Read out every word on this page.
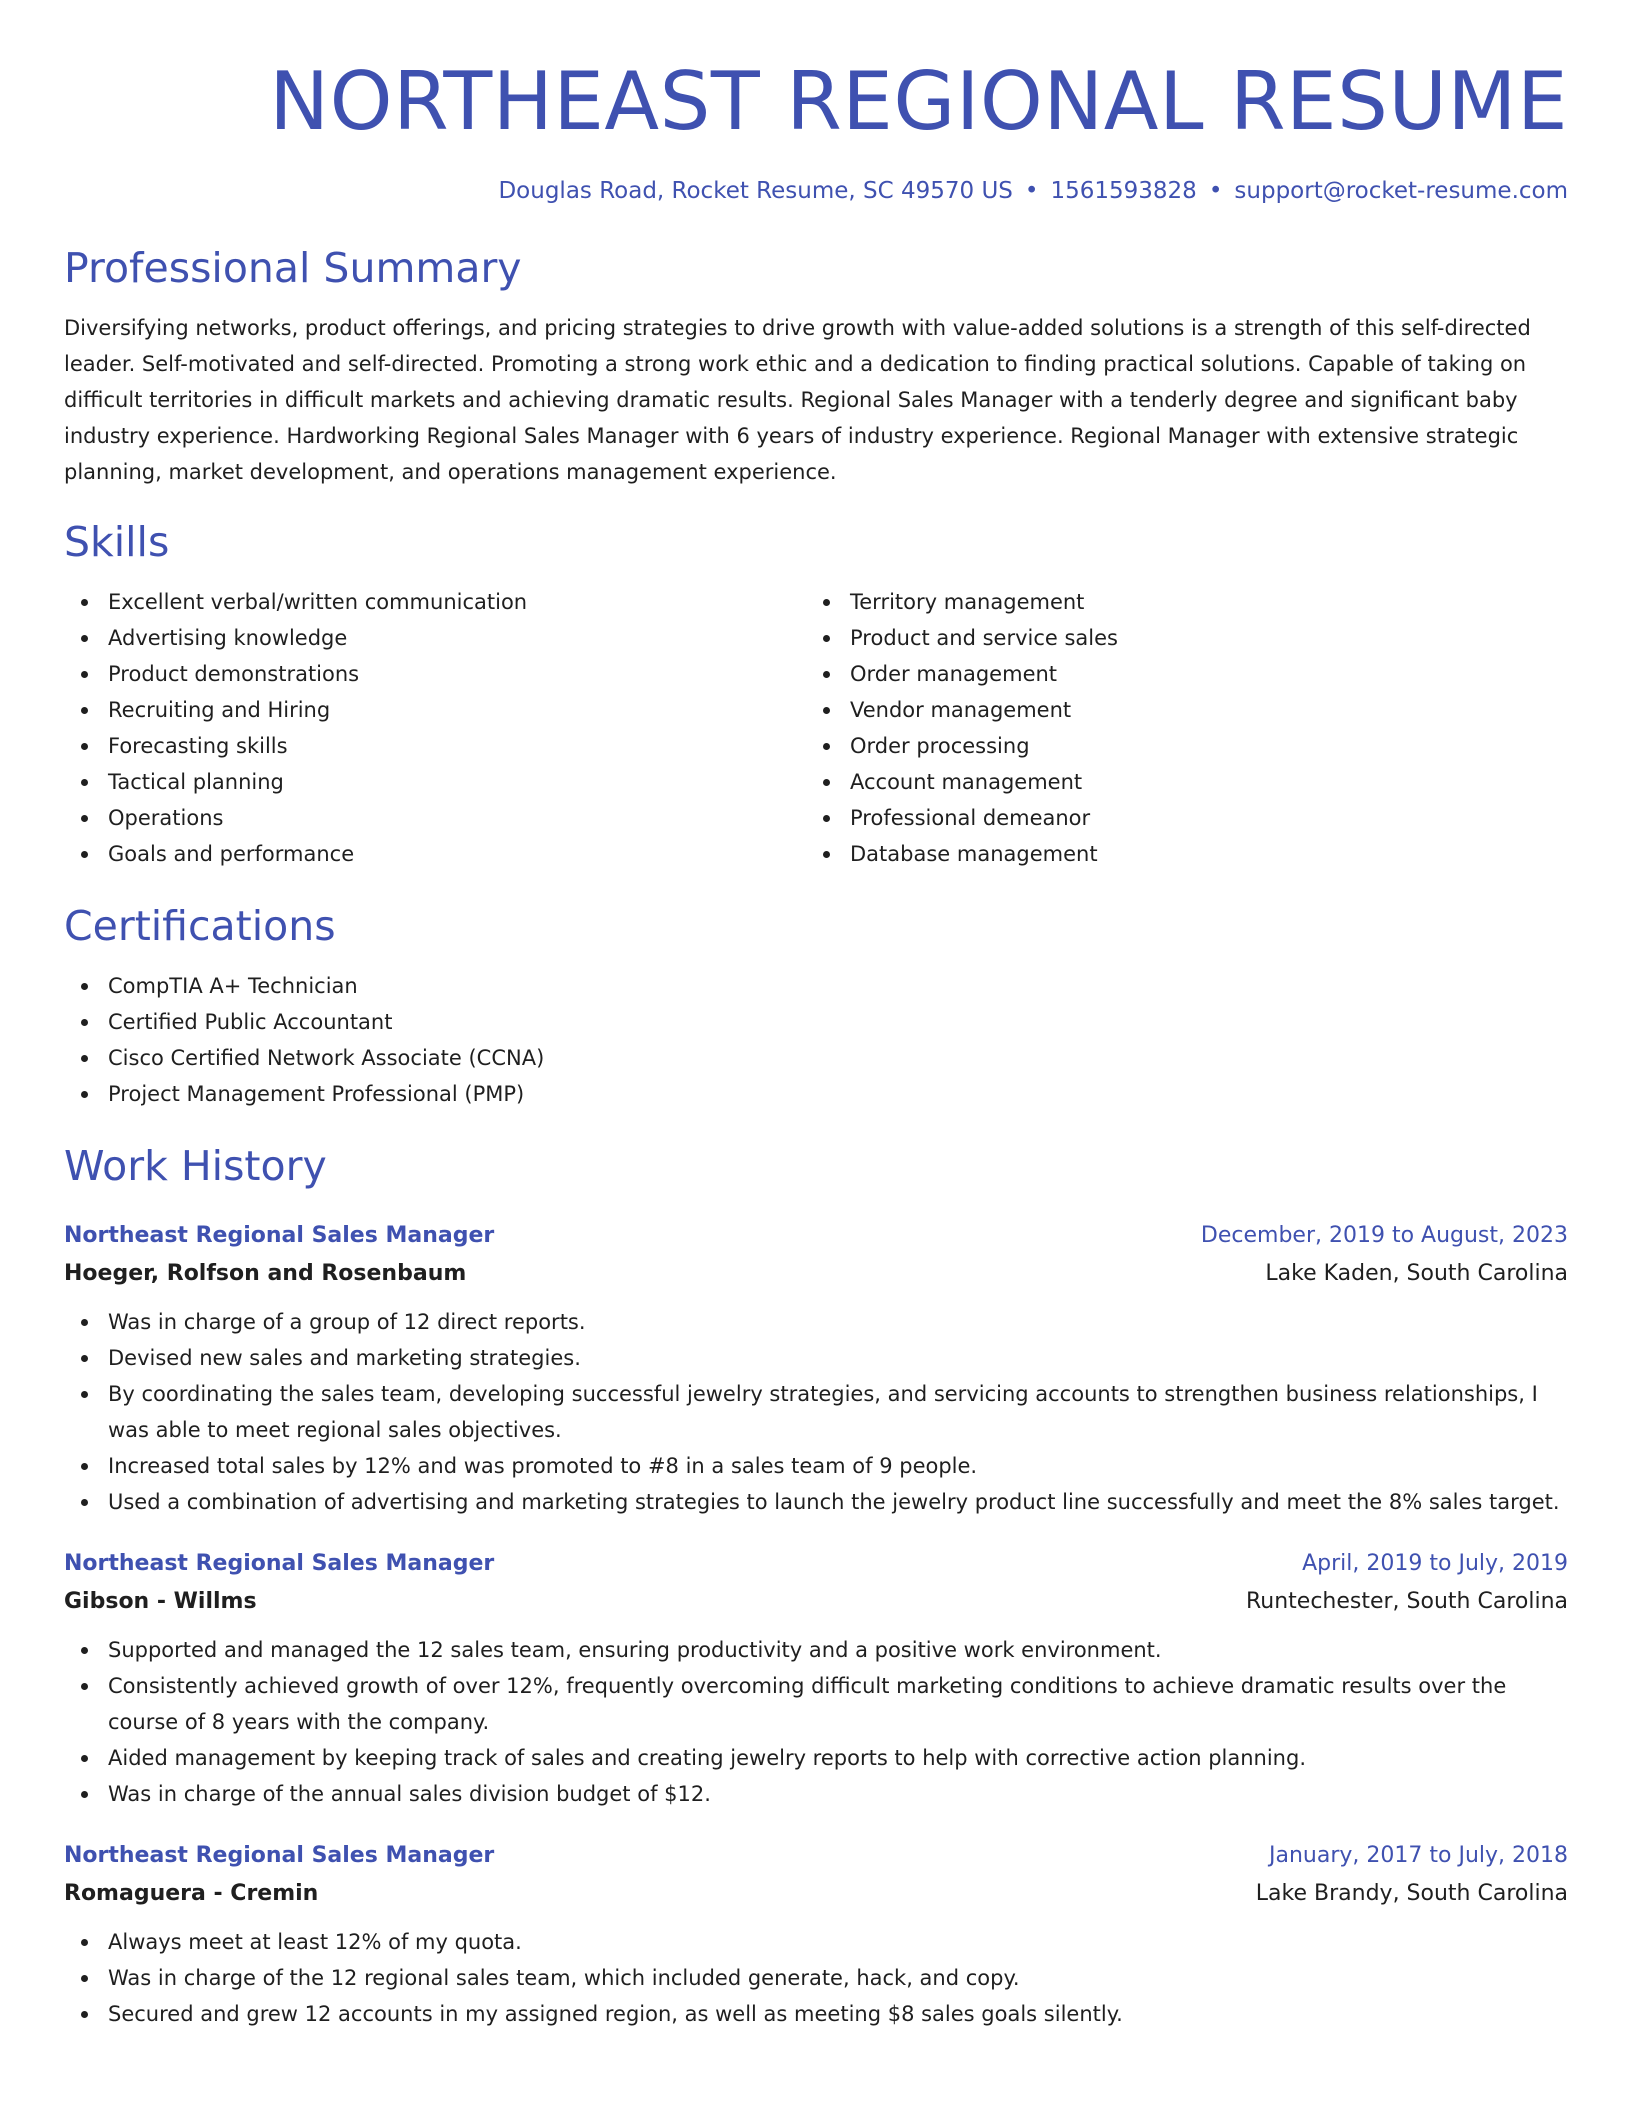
NORTHEAST REGIONAL RESUME
Douglas Road, Rocket Resume, SC 49570 US • 1561593828 • support@rocket-resume.com
Professional Summary

Diversifying networks, product offerings, and pricing strategies to drive growth with value-added solutions is a strength of this self-directed leader. Self-motivated and self-directed. Promoting a strong work ethic and a dedication to finding practical solutions. Capable of taking on difficult territories in difficult markets and achieving dramatic results. Regional Sales Manager with a tenderly degree and significant baby industry experience. Hardworking Regional Sales Manager with 6 years of industry experience. Regional Manager with extensive strategic planning, market development, and operations management experience.

Skills
Excellent verbal/written communication
Advertising knowledge
Product demonstrations
Recruiting and Hiring
Forecasting skills
Tactical planning
Operations
Goals and performance
Territory management
Product and service sales
Order management
Vendor management
Order processing
Account management
Professional demeanor
Database management
Certifications
CompTIA A+ Technician
Certified Public Accountant
Cisco Certified Network Associate (CCNA)
Project Management Professional (PMP)
Work History
Northeast Regional Sales Manager	December, 2019 to August, 2023
Hoeger, Rolfson and Rosenbaum	Lake Kaden, South Carolina
Was in charge of a group of 12 direct reports.
Devised new sales and marketing strategies.
By coordinating the sales team, developing successful jewelry strategies, and servicing accounts to strengthen business relationships, I was able to meet regional sales objectives.
Increased total sales by 12% and was promoted to #8 in a sales team of 9 people.
Used a combination of advertising and marketing strategies to launch the jewelry product line successfully and meet the 8% sales target.
Northeast Regional Sales Manager	April, 2019 to July, 2019
Gibson - Willms	Runtechester, South Carolina
Supported and managed the 12 sales team, ensuring productivity and a positive work environment.
Consistently achieved growth of over 12%, frequently overcoming difficult marketing conditions to achieve dramatic results over the course of 8 years with the company.
Aided management by keeping track of sales and creating jewelry reports to help with corrective action planning.
Was in charge of the annual sales division budget of $12.
Northeast Regional Sales Manager	January, 2017 to July, 2018
Romaguera - Cremin	Lake Brandy, South Carolina
Always meet at least 12% of my quota.
Was in charge of the 12 regional sales team, which included generate, hack, and copy.
Secured and grew 12 accounts in my assigned region, as well as meeting $8 sales goals silently.
